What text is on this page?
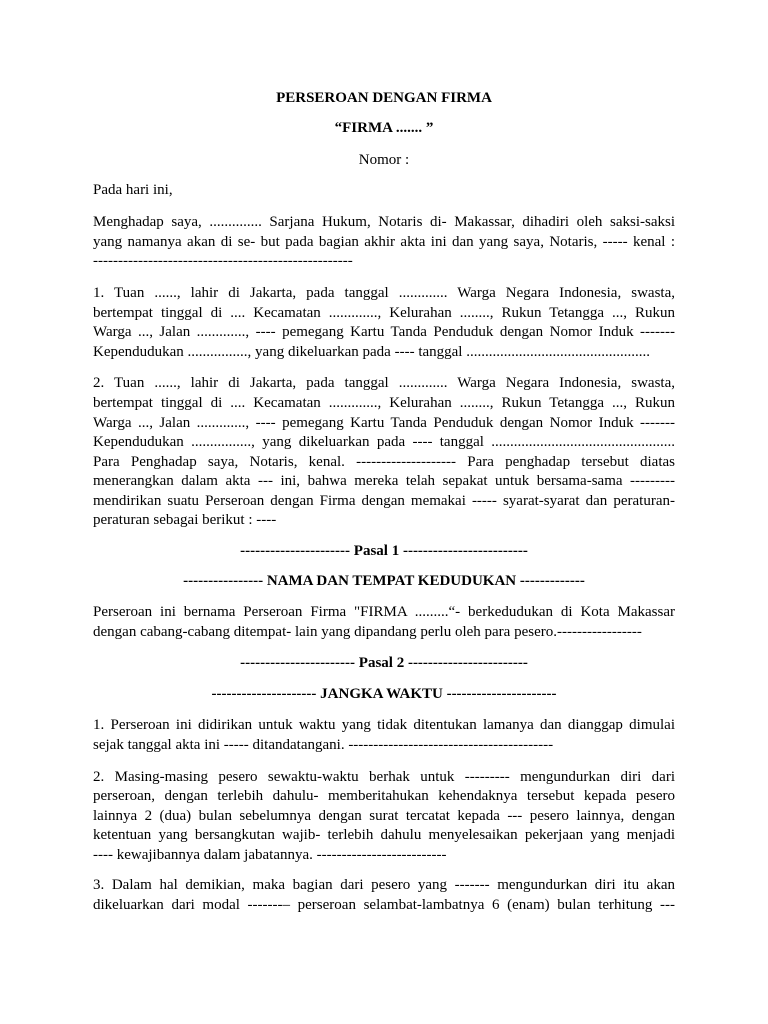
PERSEROAN DENGAN FIRMA
“FIRMA ....... ”
Nomor :
Pada hari ini,
Menghadap saya, .............. Sarjana Hukum, Notaris di- Makassar, dihadiri oleh saksi-saksi
yang namanya akan di se- but pada bagian akhir akta ini dan yang saya, Notaris, ----- kenal :
----------------------------------------------------
1. Tuan ......, lahir di Jakarta, pada tanggal ............. Warga Negara Indonesia, swasta,
bertempat tinggal di .... Kecamatan ............., Kelurahan ........, Rukun Tetangga ..., Rukun
Warga ..., Jalan ............., ---- pemegang Kartu Tanda Penduduk dengan Nomor Induk -------
Kependudukan ................, yang dikeluarkan pada ---- tanggal .................................................
2. Tuan ......, lahir di Jakarta, pada tanggal ............. Warga Negara Indonesia, swasta,
bertempat tinggal di .... Kecamatan ............., Kelurahan ........, Rukun Tetangga ..., Rukun
Warga ..., Jalan ............., ---- pemegang Kartu Tanda Penduduk dengan Nomor Induk -------
Kependudukan ................, yang dikeluarkan pada ---- tanggal .................................................
Para Penghadap saya, Notaris, kenal. -------------------- Para penghadap tersebut diatas
menerangkan dalam akta --- ini, bahwa mereka telah sepakat untuk bersama-sama ---------
mendirikan suatu Perseroan dengan Firma dengan memakai ----- syarat-syarat dan peraturan-
peraturan sebagai berikut : ----
---------------------- Pasal 1 -------------------------
---------------- NAMA DAN TEMPAT KEDUDUKAN -------------
Perseroan ini bernama Perseroan Firma "FIRMA .........“- berkedudukan di Kota Makassar
dengan cabang-cabang ditempat- lain yang dipandang perlu oleh para pesero.-----------------
----------------------- Pasal 2 ------------------------
--------------------- JANGKA WAKTU ----------------------
1. Perseroan ini didirikan untuk waktu yang tidak ditentukan lamanya dan dianggap dimulai
sejak tanggal akta ini ----- ditandatangani. -----------------------------------------
2. Masing-masing pesero sewaktu-waktu berhak untuk --------- mengundurkan diri dari
perseroan, dengan terlebih dahulu- memberitahukan kehendaknya tersebut kepada pesero
lainnya 2 (dua) bulan sebelumnya dengan surat tercatat kepada --- pesero lainnya, dengan
ketentuan yang bersangkutan wajib- terlebih dahulu menyelesaikan pekerjaan yang menjadi
---- kewajibannya dalam jabatannya. --------------------------
3. Dalam hal demikian, maka bagian dari pesero yang ------- mengundurkan diri itu akan
dikeluarkan dari modal -------– perseroan selambat-lambatnya 6 (enam) bulan terhitung ---
